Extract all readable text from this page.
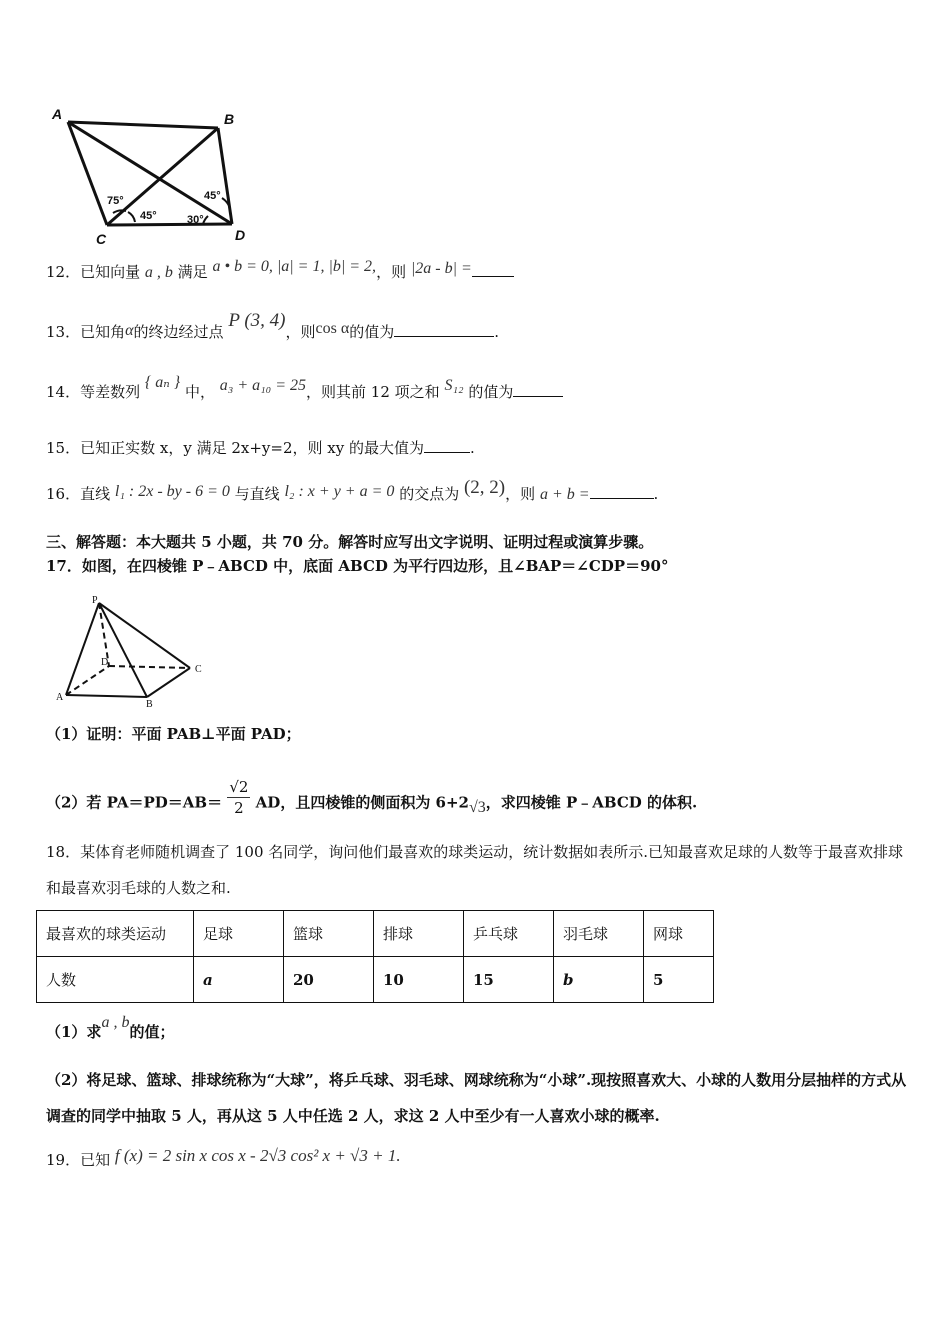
A	B
C	D
75°
45°
45°
30°
12．已知向量 a , b 满足 a • b = 0, |a| = 1, |b| = 2,，则 |2a - b| =
13．已知角α的终边经过点 P (3, 4)，则cos α的值为	.
14．等差数列 { aₙ } 中， a₃ + a₁₀ = 25，则其前 12 项之和 S₁₂ 的值为
15．已知正实数 x，y 满足 2x+y=2，则 xy 的最大值为	.
16．直线 l₁ : 2x - by - 6 = 0 与直线 l₂ : x + y + a = 0 的交点为 (2, 2)，则 a + b =	.
三、解答题：本大题共 5 小题，共 70 分。解答时应写出文字说明、证明过程或演算步骤。
17．如图，在四棱锥 P﹣ABCD 中，底面 ABCD 为平行四边形，且∠BAP＝∠CDP＝90°
P
D
C
A
B
（1）证明：平面 PAB⊥平面 PAD；
（2）若 $PA=PD=AB= \frac{√2}{2}$ AD，且四棱锥的侧面积为 6+2√3，求四棱锥 P﹣ABCD 的体积.
18．某体育老师随机调查了 100 名同学，询问他们最喜欢的球类运动，统计数据如表所示.已知最喜欢足球的人数等于最喜欢排球和最喜欢羽毛球的人数之和.
最喜欢的球类运动	足球	篮球	排球	乒乓球	羽毛球	网球
人数	a	20	10	15	b	5
（1）求a , b的值；
（2）将足球、篮球、排球统称为“大球”，将乒乓球、羽毛球、网球统称为“小球”.现按照喜欢大、小球的人数用分层抽样的方式从调查的同学中抽取 5 人，再从这 5 人中任选 2 人，求这 2 人中至少有一人喜欢小球的概率.
19．已知 f (x) = 2 sin x cos x - 2√3 cos² x + √3 + 1.
